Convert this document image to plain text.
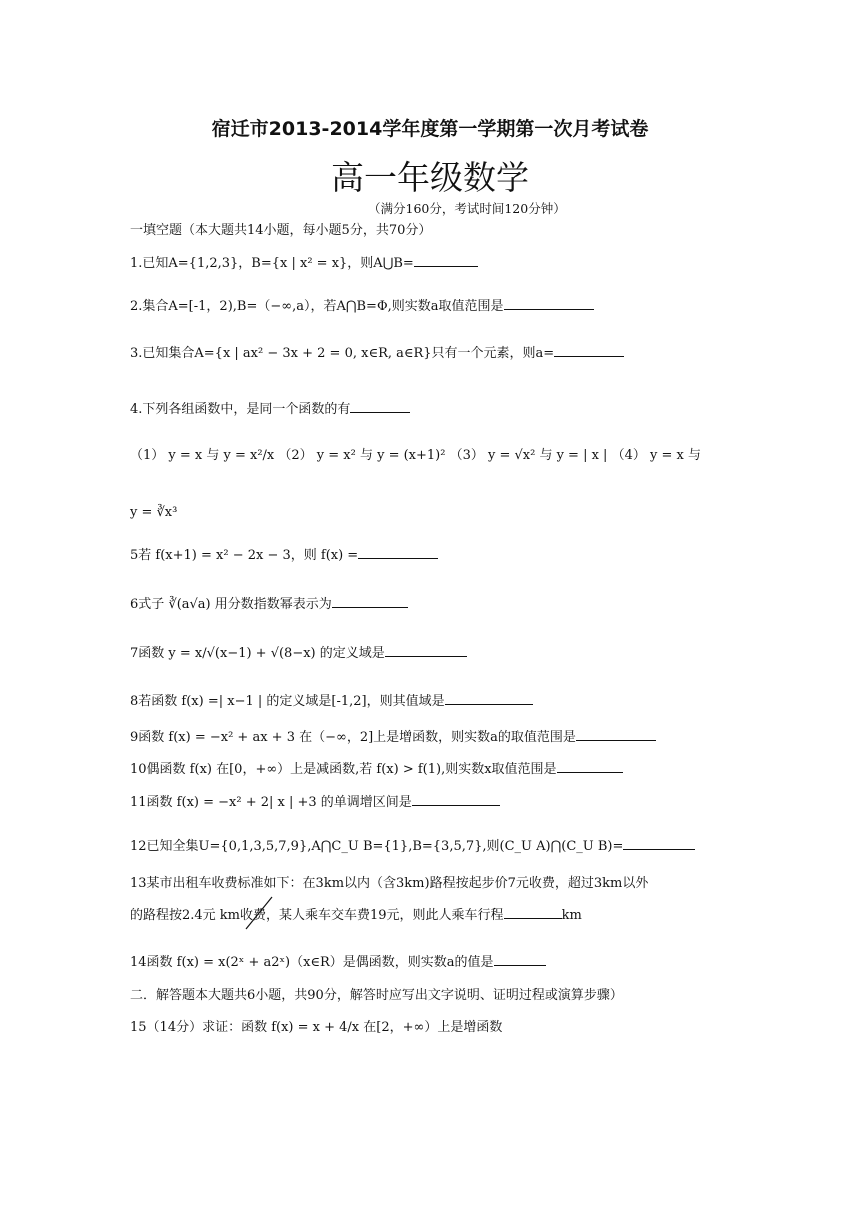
宿迁市2013-2014学年度第一学期第一次月考试卷
高一年级数学
（满分160分，考试时间120分钟）
一填空题（本大题共14小题，每小题5分，共70分）
1.已知A={1,2,3}，B={x | x² = x}，则A⋃B=
2.集合A=[-1，2),B=（−∞,a），若A⋂B=Φ,则实数a取值范围是
3.已知集合A={x | ax² − 3x + 2 = 0, x∈R, a∈R}只有一个元素，则a=
4.下列各组函数中，是同一个函数的有
（1） y = x 与 y = x²/x （2） y = x² 与 y = (x+1)² （3） y = √x² 与 y = | x | （4） y = x 与
y = ∛x³
5若 f(x+1) = x² − 2x − 3，则 f(x) =
6式子 ∛(a√a) 用分数指数幂表示为
7函数 y = x/√(x−1) + √(8−x) 的定义域是
8若函数 f(x) =| x−1 | 的定义域是[-1,2]，则其值域是
9函数 f(x) = −x² + ax + 3 在（−∞，2]上是增函数，则实数a的取值范围是
10偶函数 f(x) 在[0，+∞）上是减函数,若 f(x) > f(1),则实数x取值范围是
11函数 f(x) = −x² + 2| x | +3 的单调增区间是
12已知全集U={0,1,3,5,7,9},A⋂C_U B={1},B={3,5,7},则(C_U A)⋂(C_U B)=
13某市出租车收费标准如下：在3km以内（含3km)路程按起步价7元收费，超过3km以外
的路程按2.4元 km收费，某人乘车交车费19元，则此人乘车行程	km
14函数 f(x) = x(2ˣ + a2ˣ)（x∈R）是偶函数，则实数a的值是
二．解答题本大题共6小题，共90分，解答时应写出文字说明、证明过程或演算步骤）
15（14分）求证：函数 f(x) = x + 4/x 在[2，+∞）上是增函数
